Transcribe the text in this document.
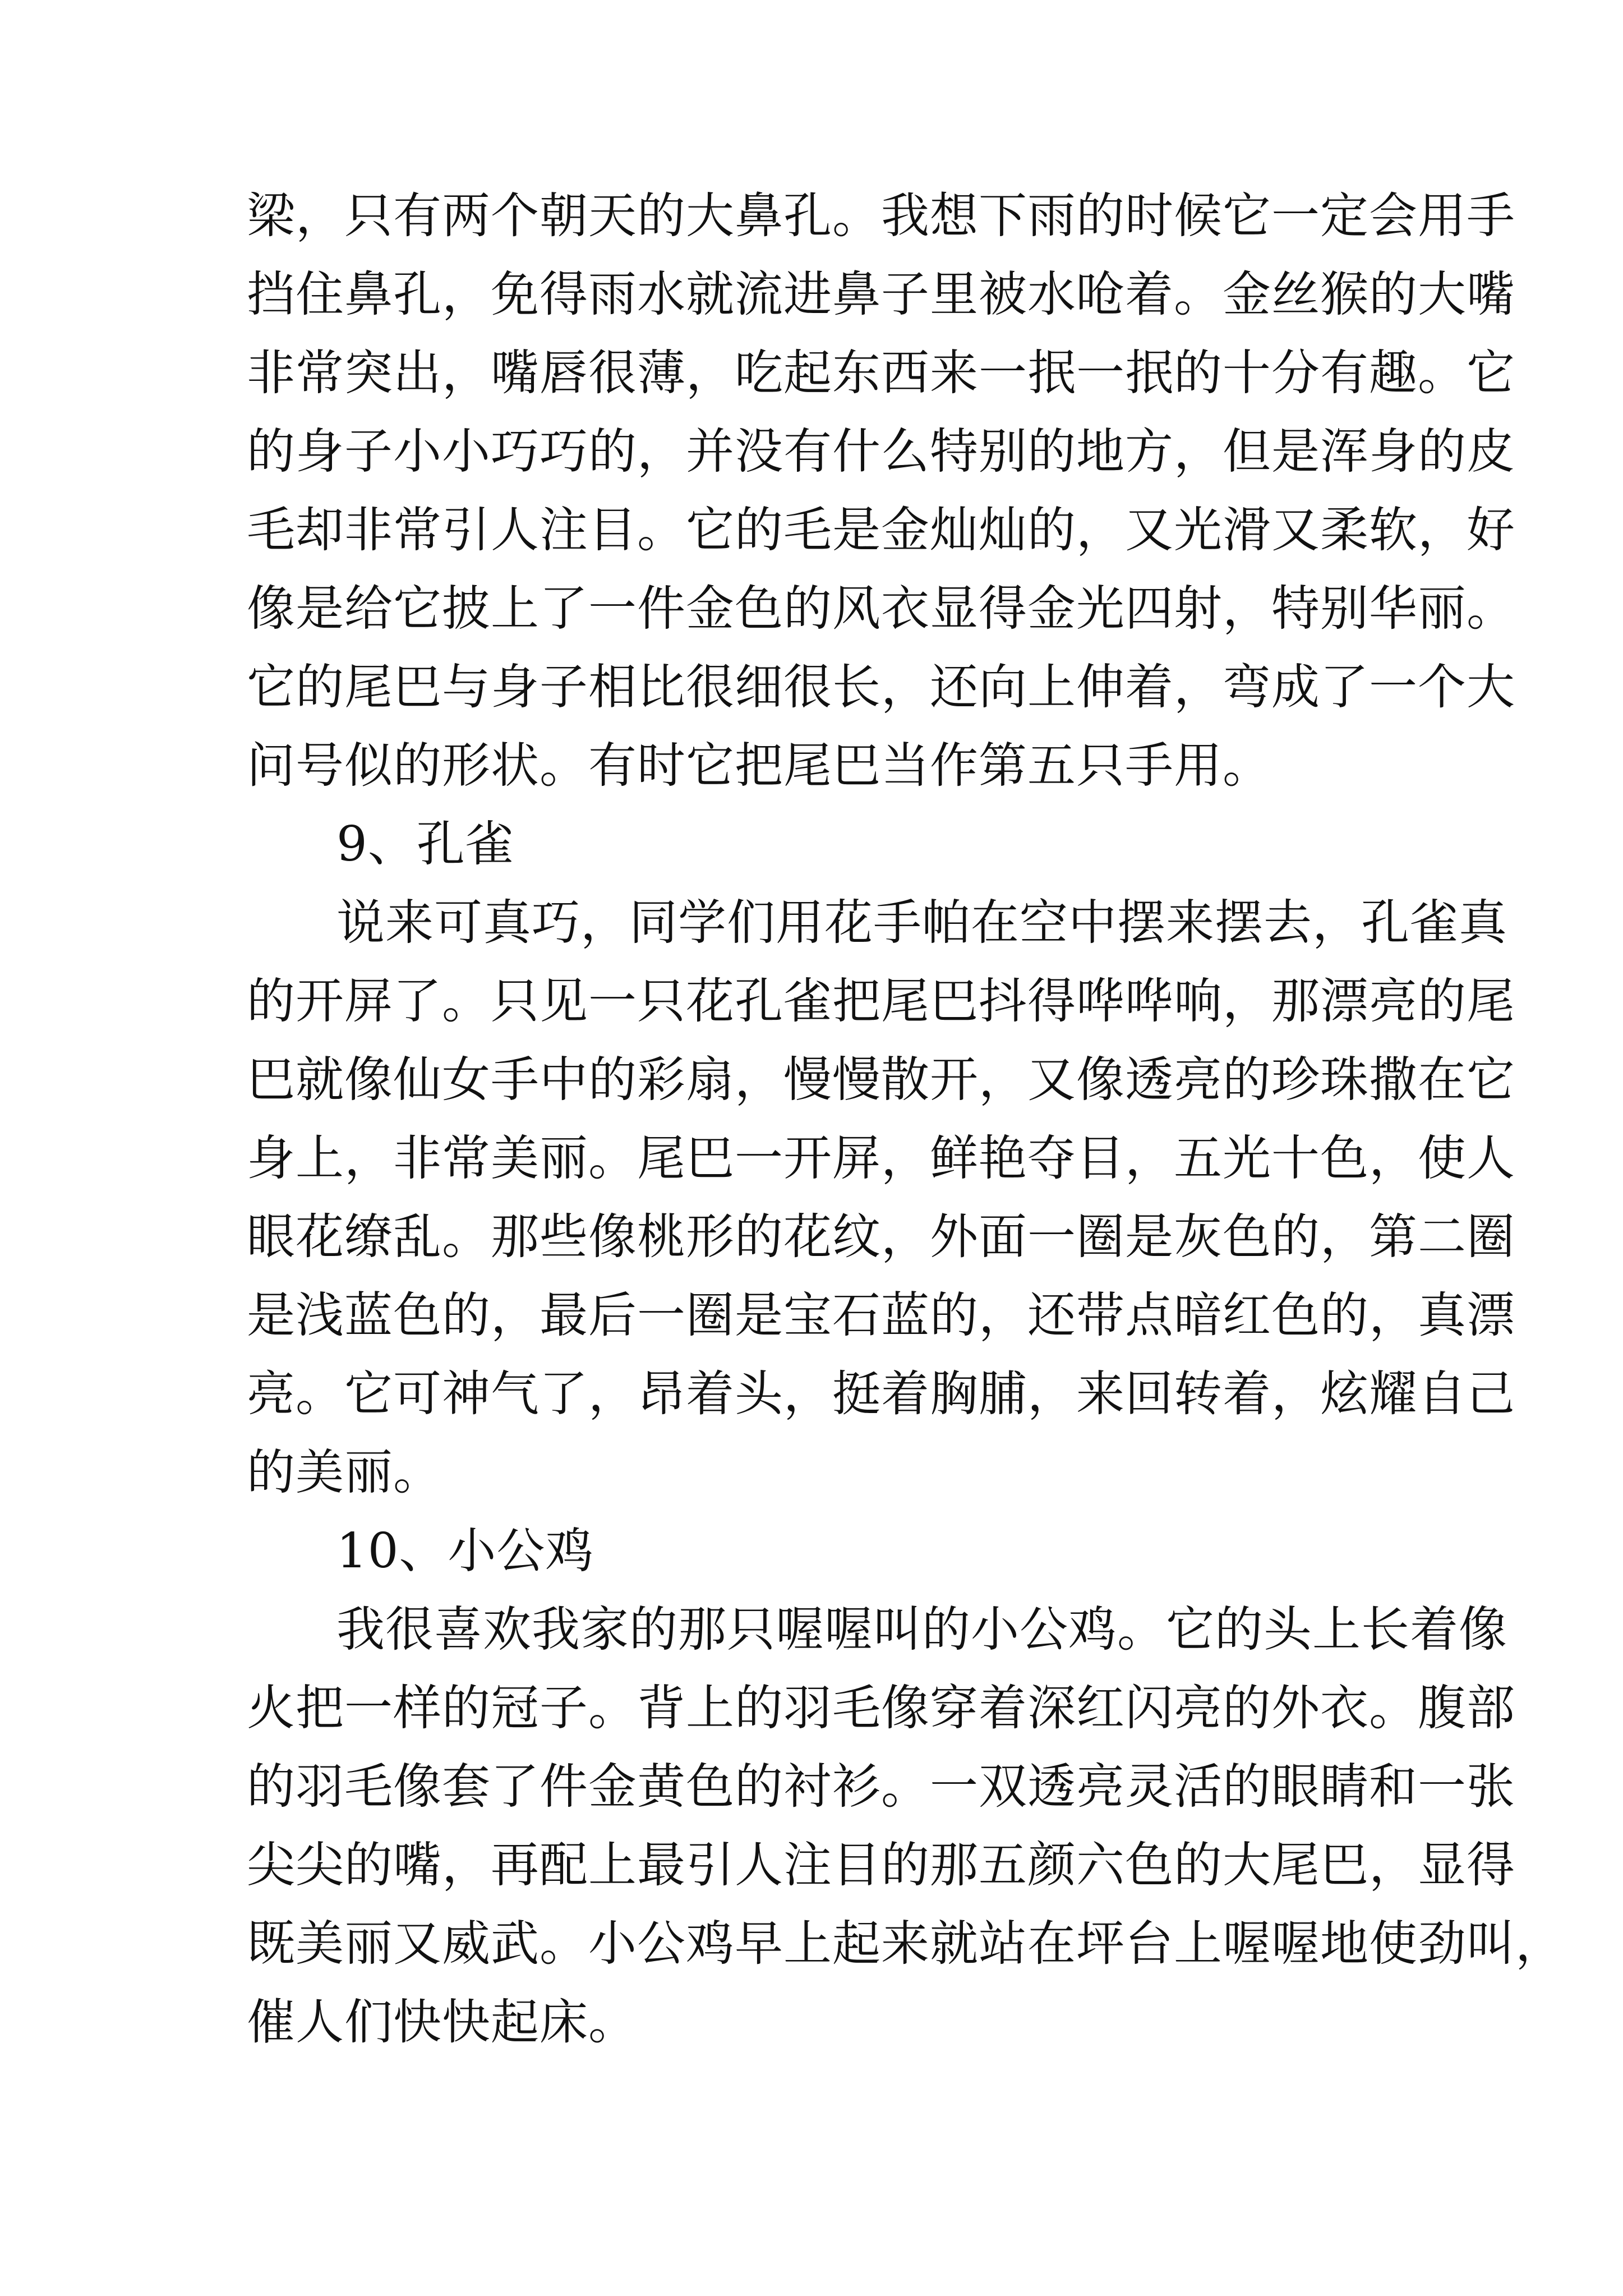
梁，只有两个朝天的大鼻孔。我想下雨的时候它一定会用手
挡住鼻孔，免得雨水就流进鼻子里被水呛着。金丝猴的大嘴
非常突出，嘴唇很薄，吃起东西来一抿一抿的十分有趣。它
的身子小小巧巧的，并没有什么特别的地方，但是浑身的皮
毛却非常引人注目。它的毛是金灿灿的，又光滑又柔软，好
像是给它披上了一件金色的风衣显得金光四射，特别华丽。
它的尾巴与身子相比很细很长，还向上伸着，弯成了一个大
问号似的形状。有时它把尾巴当作第五只手用。
9、孔雀
说来可真巧，同学们用花手帕在空中摆来摆去，孔雀真
的开屏了。只见一只花孔雀把尾巴抖得哗哗响，那漂亮的尾
巴就像仙女手中的彩扇，慢慢散开，又像透亮的珍珠撒在它
身上，非常美丽。尾巴一开屏，鲜艳夺目，五光十色，使人
眼花缭乱。那些像桃形的花纹，外面一圈是灰色的，第二圈
是浅蓝色的，最后一圈是宝石蓝的，还带点暗红色的，真漂
亮。它可神气了，昂着头，挺着胸脯，来回转着，炫耀自己
的美丽。
10、小公鸡
我很喜欢我家的那只喔喔叫的小公鸡。它的头上长着像
火把一样的冠子。背上的羽毛像穿着深红闪亮的外衣。腹部
的羽毛像套了件金黄色的衬衫。一双透亮灵活的眼睛和一张
尖尖的嘴，再配上最引人注目的那五颜六色的大尾巴，显得
既美丽又威武。小公鸡早上起来就站在坪台上喔喔地使劲叫，
催人们快快起床。
